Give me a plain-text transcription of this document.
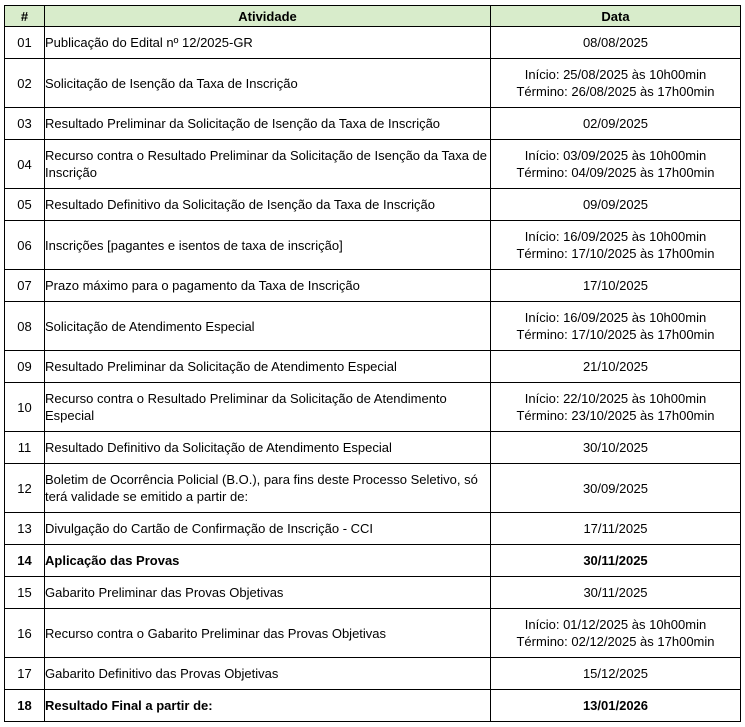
#	Atividade	Data
01	Publicação do Edital nº 12/2025-GR	08/08/2025

02	Solicitação de Isenção da Taxa de Inscrição	Início: 25/08/2025 às 10h00min
Término: 26/08/2025 às 17h00min

03	Resultado Preliminar da Solicitação de Isenção da Taxa de Inscrição	02/09/2025

04	Recurso contra o Resultado Preliminar da Solicitação de Isenção da Taxa de Inscrição	Início: 03/09/2025 às 10h00min
Término: 04/09/2025 às 17h00min

05	Resultado Definitivo da Solicitação de Isenção da Taxa de Inscrição	09/09/2025

06	Inscrições [pagantes e isentos de taxa de inscrição]	Início: 16/09/2025 às 10h00min
Término: 17/10/2025 às 17h00min

07	Prazo máximo para o pagamento da Taxa de Inscrição	17/10/2025

08	Solicitação de Atendimento Especial	Início: 16/09/2025 às 10h00min
Término: 17/10/2025 às 17h00min

09	Resultado Preliminar da Solicitação de Atendimento Especial	21/10/2025

10	Recurso contra o Resultado Preliminar da Solicitação de Atendimento Especial	Início: 22/10/2025 às 10h00min
Término: 23/10/2025 às 17h00min

11	Resultado Definitivo da Solicitação de Atendimento Especial	30/10/2025

12	Boletim de Ocorrência Policial (B.O.), para fins deste Processo Seletivo, só terá validade se emitido a partir de:	30/09/2025

13	Divulgação do Cartão de Confirmação de Inscrição - CCI	17/11/2025

14	Aplicação das Provas	30/11/2025

15	Gabarito Preliminar das Provas Objetivas	30/11/2025

16	Recurso contra o Gabarito Preliminar das Provas Objetivas	Início: 01/12/2025 às 10h00min
Término: 02/12/2025 às 17h00min

17	Gabarito Definitivo das Provas Objetivas	15/12/2025

18	Resultado Final a partir de:	13/01/2026
